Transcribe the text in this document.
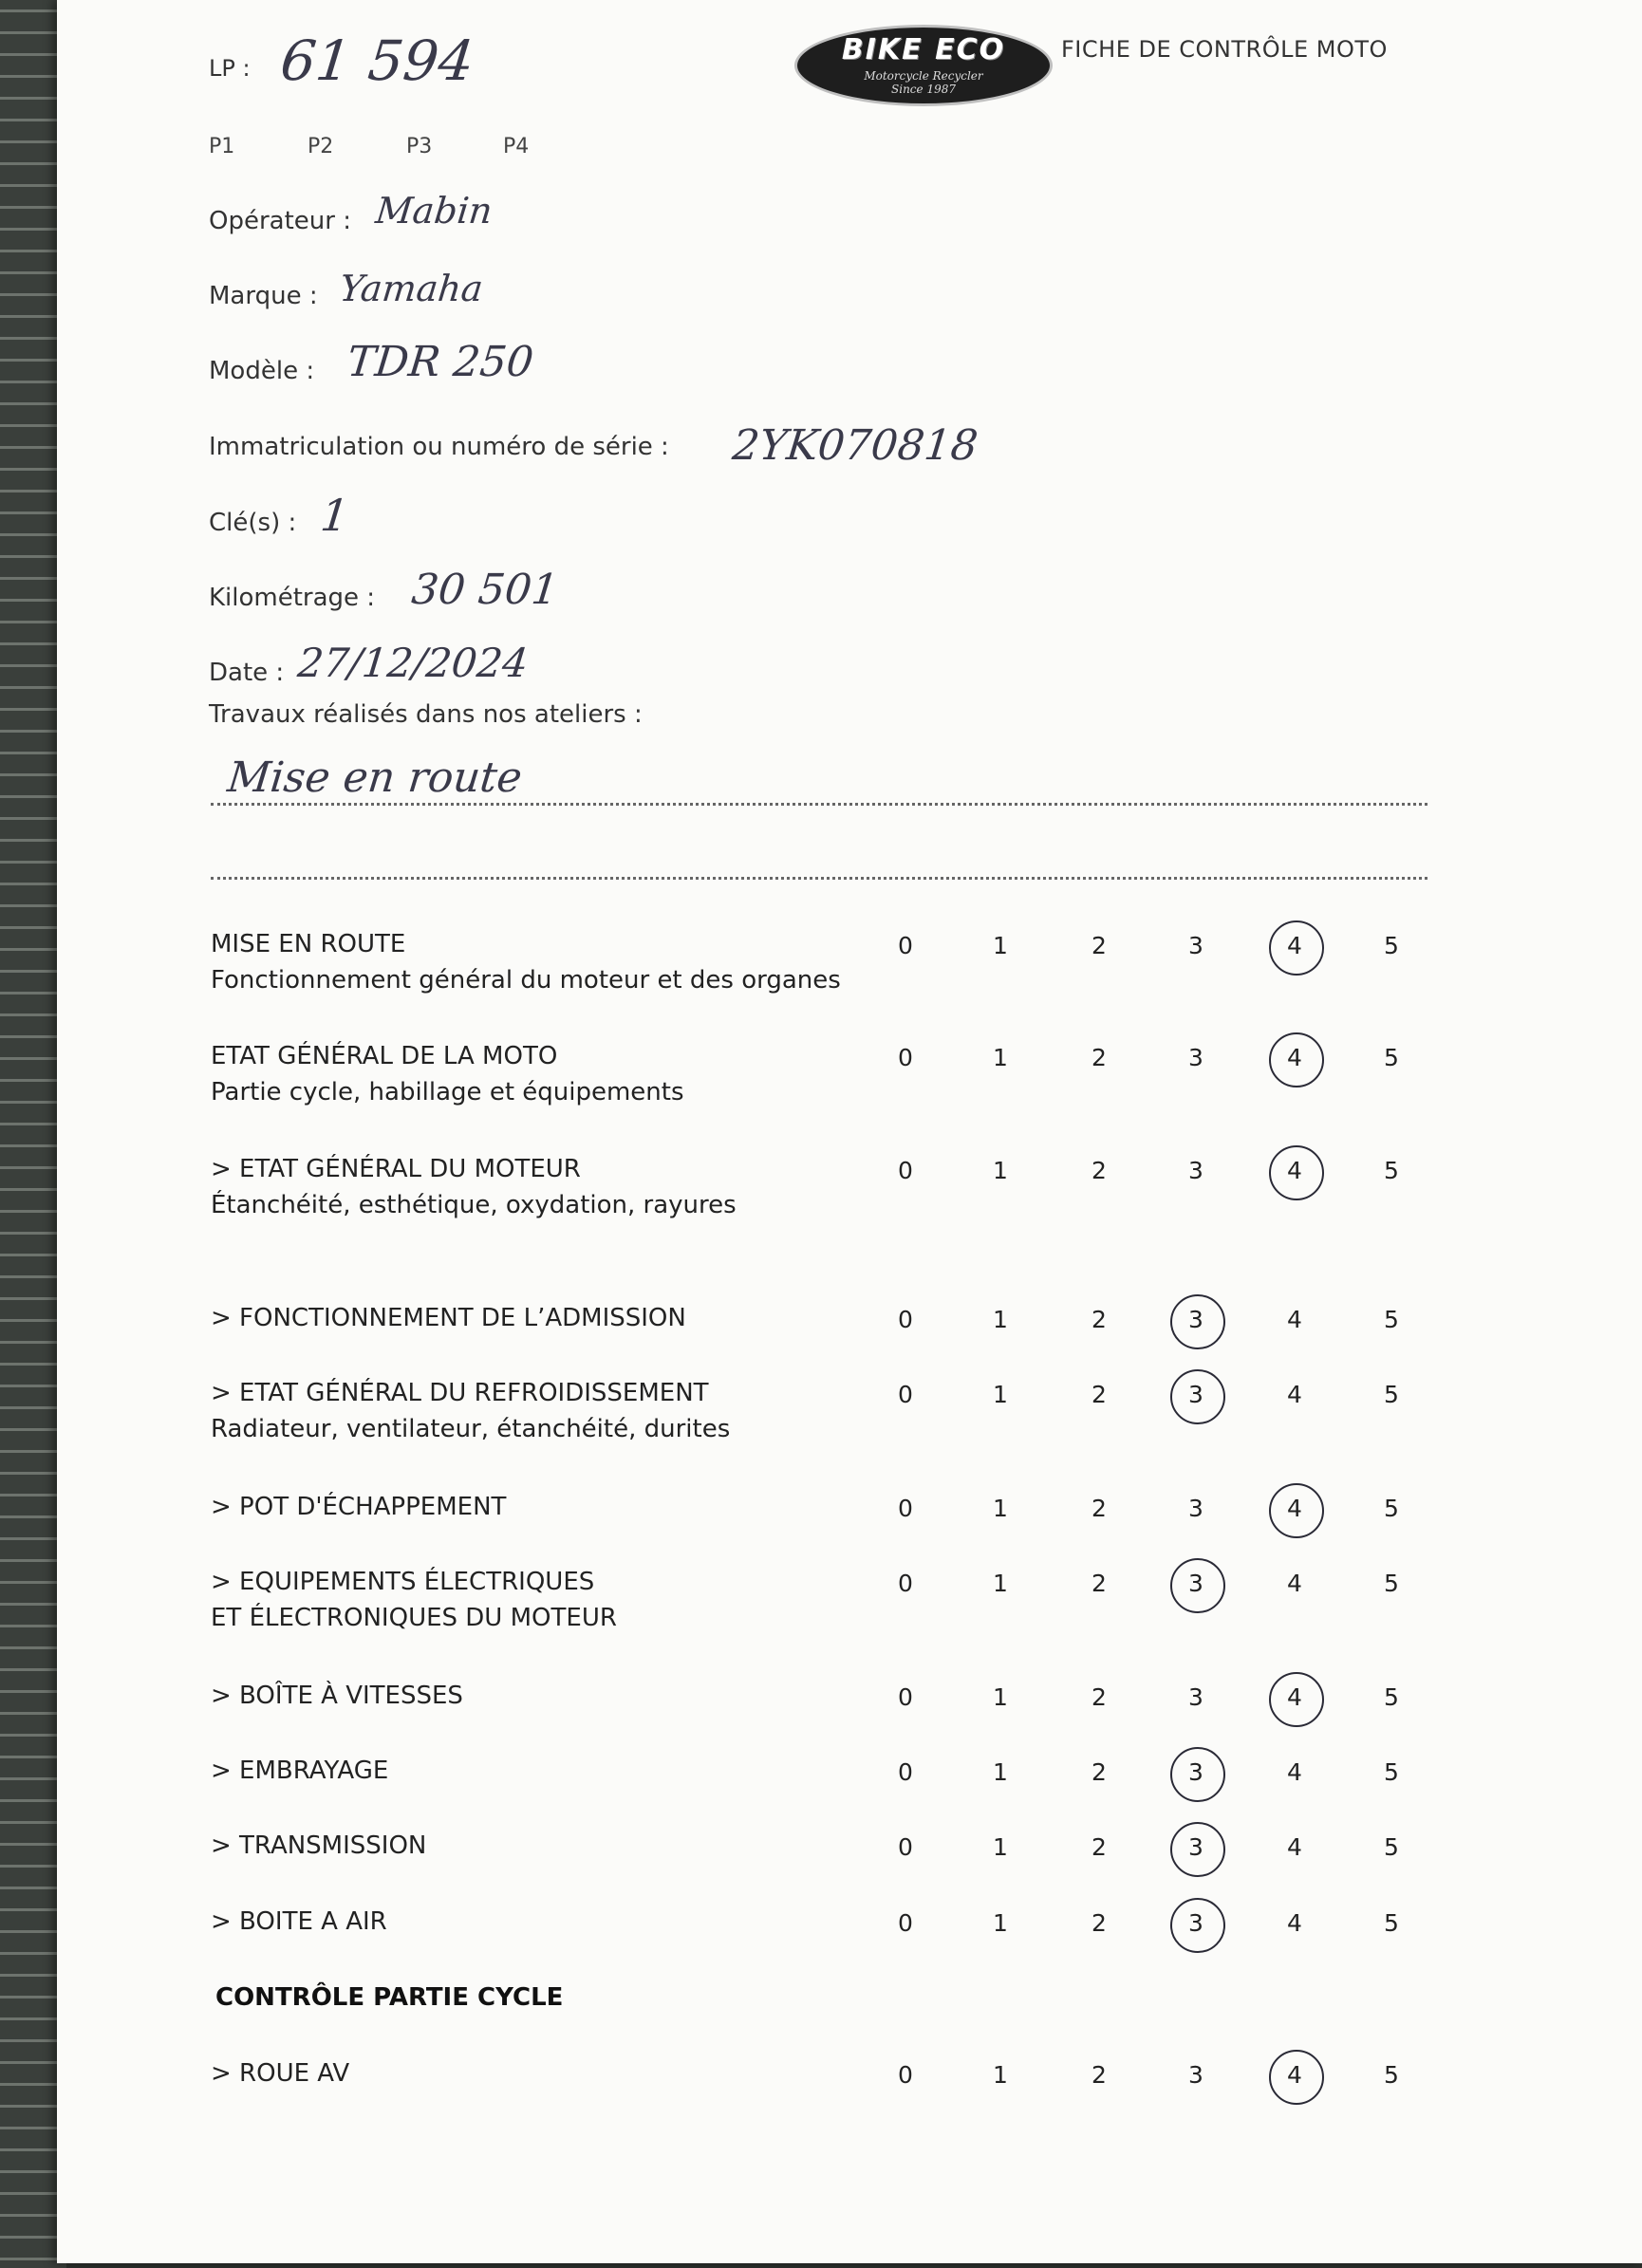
BIKE ECO
Motorcycle Recycler
Since 1987
FICHE DE CONTRÔLE MOTO
LP : 61 594
P1	P2	P3	P4
Opérateur : Mabin
Marque : Yamaha
Modèle : TDR 250
Immatriculation ou numéro de série : 2YK070818
Clé(s) : 1
Kilométrage : 30 501
Date : 27/12/2024
Travaux réalisés dans nos ateliers :
Mise en route
MISE EN ROUTE
Fonctionnement général du moteur et des organes
0	1	2	3	4	5
ETAT GÉNÉRAL DE LA MOTO
Partie cycle, habillage et équipements
0	1	2	3	4	5
> ETAT GÉNÉRAL DU MOTEUR
Étanchéité, esthétique, oxydation, rayures
0	1	2	3	4	5
> FONCTIONNEMENT DE L’ADMISSION	0	1	2	3	4	5
> ETAT GÉNÉRAL DU REFROIDISSEMENT
Radiateur, ventilateur, étanchéité, durites
0	1	2	3	4	5
> POT D'ÉCHAPPEMENT	0	1	2	3	4	5
> EQUIPEMENTS ÉLECTRIQUES
ET ÉLECTRONIQUES DU MOTEUR
0	1	2	3	4	5
> BOÎTE À VITESSES	0	1	2	3	4	5
> EMBRAYAGE	0	1	2	3	4	5
> TRANSMISSION	0	1	2	3	4	5
> BOITE A AIR	0	1	2	3	4	5
CONTRÔLE PARTIE CYCLE
> ROUE AV	0	1	2	3	4	5
